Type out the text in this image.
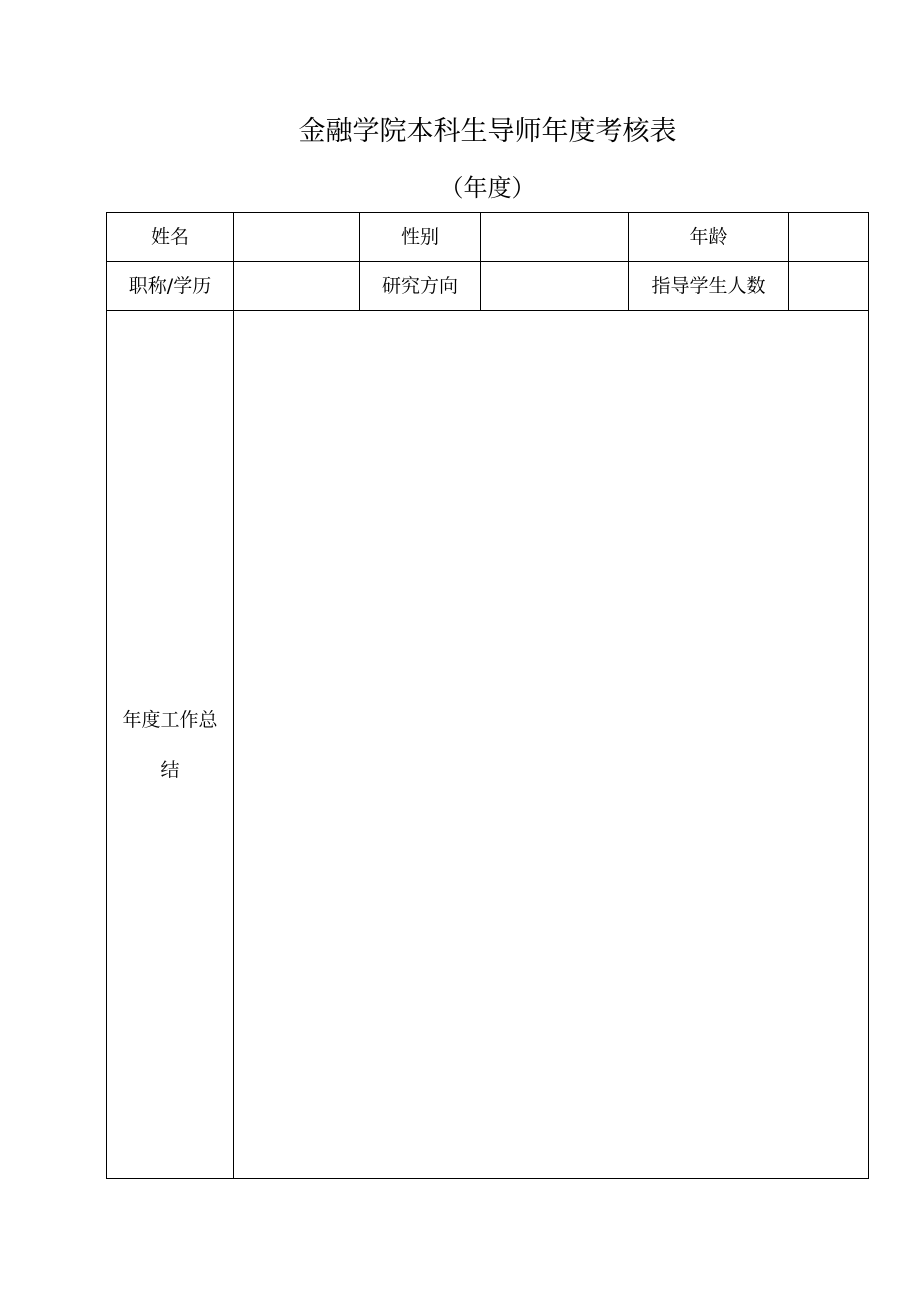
金融学院本科生导师年度考核表
（年度）
姓名		性别		年龄	
职称/学历		研究方向		指导学生人数	

年度工作总
结					
